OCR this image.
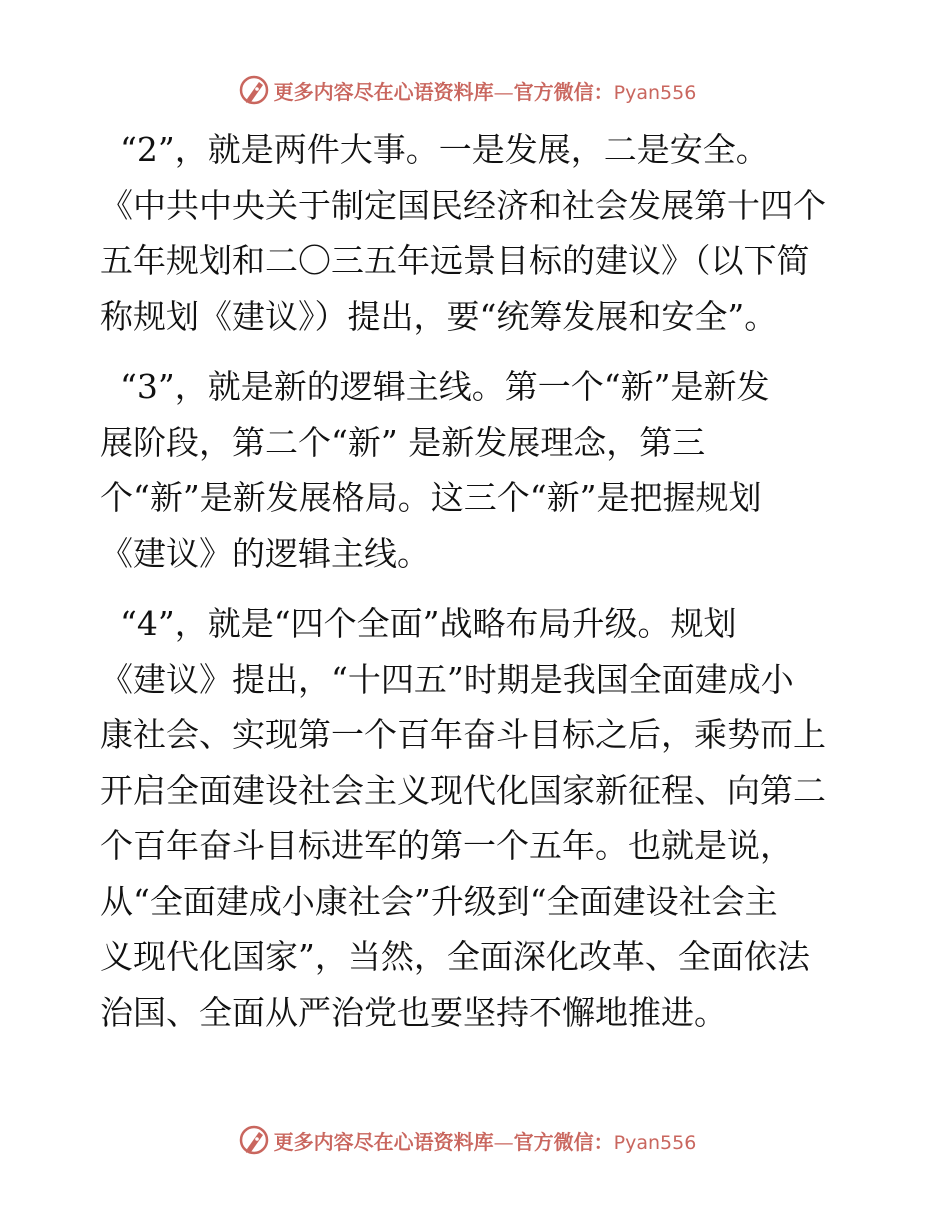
更多内容尽在心语资料库—官方微信：Pyan556
“2”，就是两件大事。一是发展，二是安全。
《中共中央关于制定国民经济和社会发展第十四个
五年规划和二〇三五年远景目标的建议》（以下简
称规划《建议》）提出，要“统筹发展和安全”。
“3”，就是新的逻辑主线。第一个“新”是新发
展阶段，第二个“新” 是新发展理念，第三
个“新”是新发展格局。这三个“新”是把握规划
《建议》的逻辑主线。
“4”，就是“四个全面”战略布局升级。规划
《建议》提出，“十四五”时期是我国全面建成小
康社会、实现第一个百年奋斗目标之后，乘势而上
开启全面建设社会主义现代化国家新征程、向第二
个百年奋斗目标进军的第一个五年。也就是说，
从“全面建成小康社会”升级到“全面建设社会主
义现代化国家”，当然，全面深化改革、全面依法
治国、全面从严治党也要坚持不懈地推进。
更多内容尽在心语资料库—官方微信：Pyan556
